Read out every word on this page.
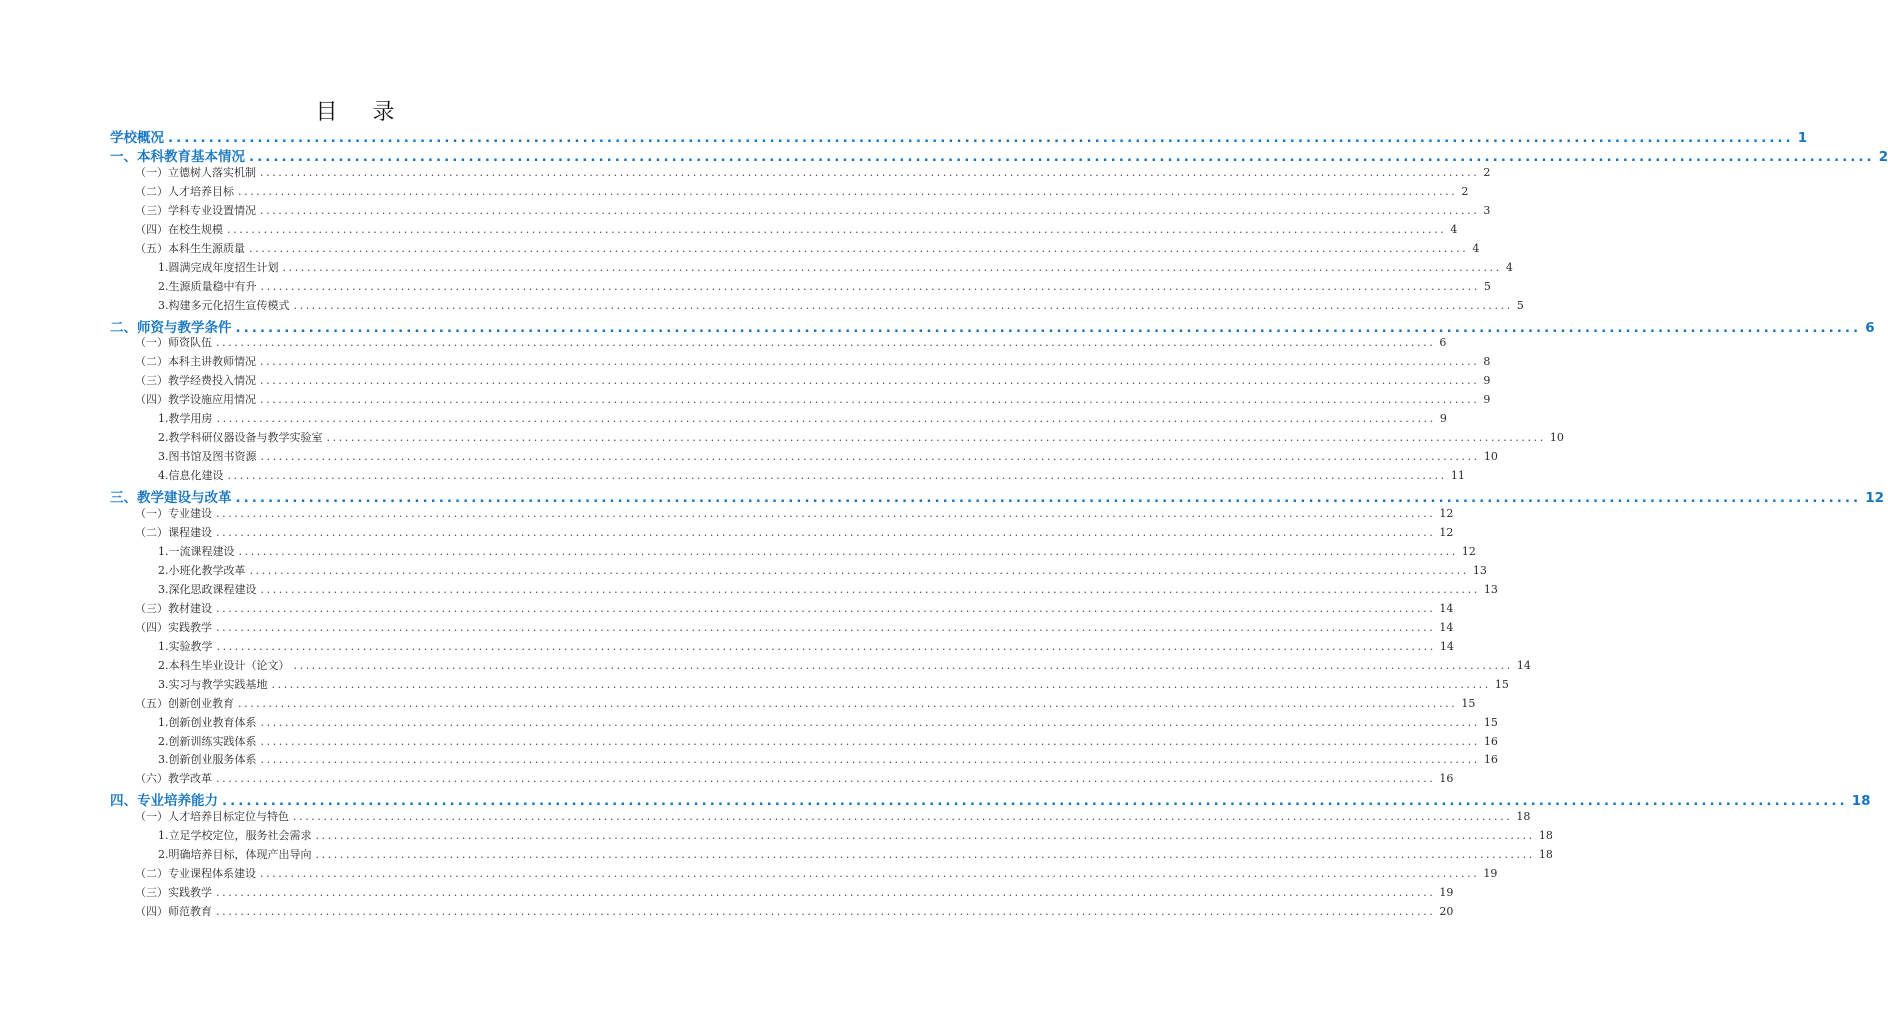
目 录
学校概况 ........................................................................................................................................................................................................ 1
一、本科教育基本情况 ........................................................................................................................................................................................................ 2
（一）立德树人落实机制 ........................................................................................................................................................................................................ 2
（二）人才培养目标 ........................................................................................................................................................................................................ 2
（三）学科专业设置情况 ........................................................................................................................................................................................................ 3
（四）在校生规模 ........................................................................................................................................................................................................ 4
（五）本科生生源质量 ........................................................................................................................................................................................................ 4
1.圆满完成年度招生计划 ........................................................................................................................................................................................................ 4
2.生源质量稳中有升 ........................................................................................................................................................................................................ 5
3.构建多元化招生宣传模式 ........................................................................................................................................................................................................ 5
二、师资与教学条件 ........................................................................................................................................................................................................ 6
（一）师资队伍 ........................................................................................................................................................................................................ 6
（二）本科主讲教师情况 ........................................................................................................................................................................................................ 8
（三）教学经费投入情况 ........................................................................................................................................................................................................ 9
（四）教学设施应用情况 ........................................................................................................................................................................................................ 9
1.教学用房 ........................................................................................................................................................................................................ 9
2.教学科研仪器设备与教学实验室 ........................................................................................................................................................................................................ 10
3.图书馆及图书资源 ........................................................................................................................................................................................................ 10
4.信息化建设 ........................................................................................................................................................................................................ 11
三、教学建设与改革 ........................................................................................................................................................................................................ 12
（一）专业建设 ........................................................................................................................................................................................................ 12
（二）课程建设 ........................................................................................................................................................................................................ 12
1.一流课程建设 ........................................................................................................................................................................................................ 12
2.小班化教学改革 ........................................................................................................................................................................................................ 13
3.深化思政课程建设 ........................................................................................................................................................................................................ 13
（三）教材建设 ........................................................................................................................................................................................................ 14
（四）实践教学 ........................................................................................................................................................................................................ 14
1.实验教学 ........................................................................................................................................................................................................ 14
2.本科生毕业设计（论文） ........................................................................................................................................................................................................ 14
3.实习与教学实践基地 ........................................................................................................................................................................................................ 15
（五）创新创业教育 ........................................................................................................................................................................................................ 15
1.创新创业教育体系 ........................................................................................................................................................................................................ 15
2.创新训练实践体系 ........................................................................................................................................................................................................ 16
3.创新创业服务体系 ........................................................................................................................................................................................................ 16
（六）教学改革 ........................................................................................................................................................................................................ 16
四、专业培养能力 ........................................................................................................................................................................................................ 18
（一）人才培养目标定位与特色 ........................................................................................................................................................................................................ 18
1.立足学校定位，服务社会需求 ........................................................................................................................................................................................................ 18
2.明确培养目标，体现产出导向 ........................................................................................................................................................................................................ 18
（二）专业课程体系建设 ........................................................................................................................................................................................................ 19
（三）实践教学 ........................................................................................................................................................................................................ 19
（四）师范教育 ........................................................................................................................................................................................................ 20
